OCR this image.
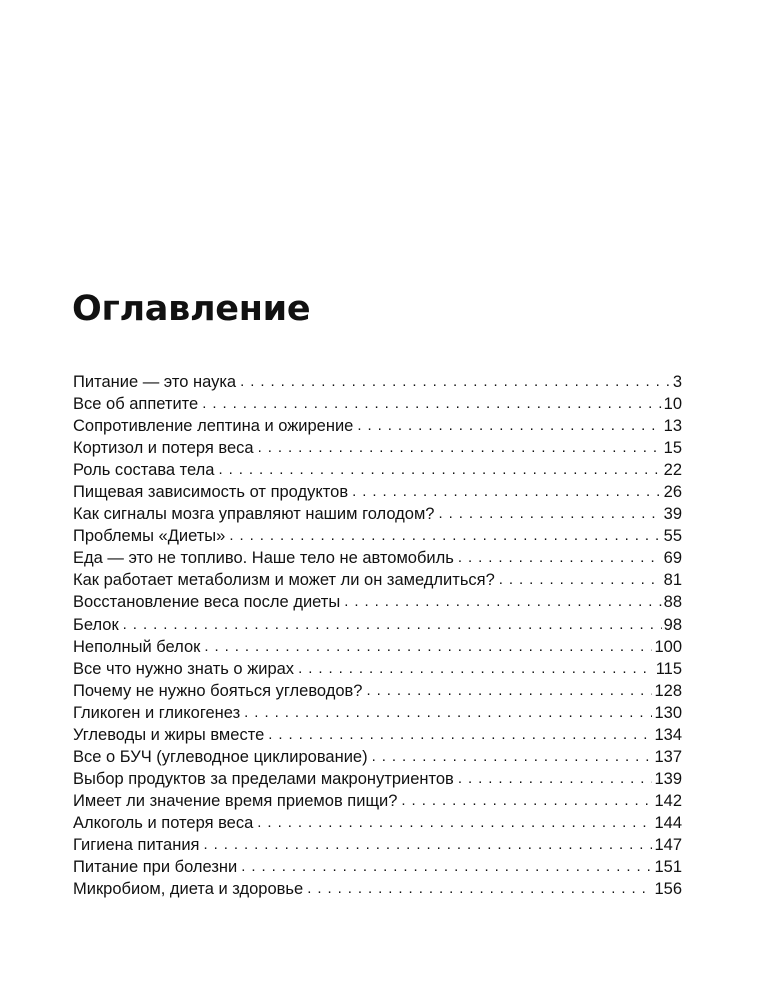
Оглавление
Питание — это наука . . .	3
Все об аппетите . . .	10
Сопротивление лептина и ожирение . . .	13
Кортизол и потеря веса . . .	15
Роль состава тела . . .	22
Пищевая зависимость от продуктов . . .	26
Как сигналы мозга управляют нашим голодом? . . .	39
Проблемы «Диеты» . . .	55
Еда — это не топливо. Наше тело не автомобиль . . .	69
Как работает метаболизм и может ли он замедлиться? . . .	81
Восстановление веса после диеты . . .	88
Белок . . .	98
Неполный белок . . .	100
Все что нужно знать о жирах . . .	115
Почему не нужно бояться углеводов? . . .	128
Гликоген и гликогенез . . .	130
Углеводы и жиры вместе . . .	134
Все о БУЧ (углеводное циклирование) . . .	137
Выбор продуктов за пределами макронутриентов . . .	139
Имеет ли значение время приемов пищи? . . .	142
Алкоголь и потеря веса . . .	144
Гигиена питания . . .	147
Питание при болезни . . .	151
Микробиом, диета и здоровье . . .	156
